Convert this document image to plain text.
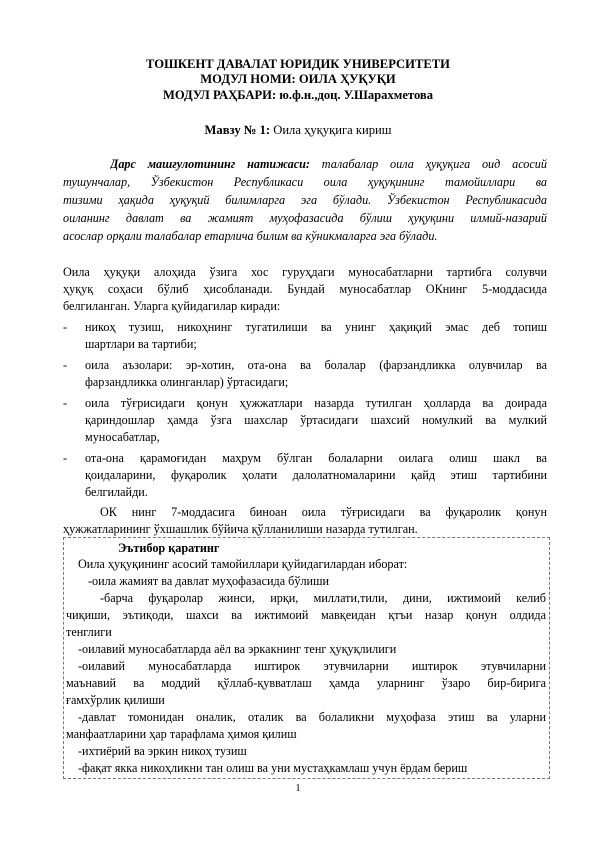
ТОШКЕНТ ДАВАЛАТ ЮРИДИК УНИВЕРСИТЕТИ
МОДУЛ НОМИ: ОИЛА ҲУҚУҚИ
МОДУЛ РАҲБАРИ: ю.ф.н.,доц. У.Шарахметова
Мавзу № 1: Оила ҳуқуқига кириш
Дарс машғулотининг натижаси: талабалар оила ҳуқуқига оид асосий
тушунчалар, Ўзбекистон Республикаси оила ҳуқуқининг тамойиллари ва
тизими ҳақида ҳуқуқий билимларга эга бўлади. Ўзбекистон Республикасида
оиланинг давлат ва жамият муҳофазасида бўлиш ҳуқуқини илмий-назарий
асослар орқали талабалар етарлича билим ва кўникмаларга эга бўлади.
Оила ҳуқуқи алоҳида ўзига хос гуруҳдаги муносабатларни тартибга солувчи
ҳуқуқ соҳаси бўлиб ҳисобланади. Бундай муносабатлар ОКнинг 5-моддасида
белгиланган. Уларга қуйидагилар киради:
- никоҳ тузиш, никоҳнинг тугатилиши ва унинг ҳақиқий эмас деб топиш
шартлари ва тартиби;
- оила аъзолари: эр-хотин, ота-она ва болалар (фарзандликка олувчилар ва
фарзандликка олинганлар) ўртасидаги;
- оила тўғрисидаги қонун ҳужжатлари назарда тутилган ҳолларда ва доирада
қариндошлар ҳамда ўзга шахслар ўртасидаги шахсий номулкий ва мулкий
муносабатлар,
- ота-она қарамоғидан маҳрум бўлган болаларни оилага олиш шакл ва
қоидаларини, фуқаролик ҳолати далолатномаларини қайд этиш тартибини
белгилайди.
ОК нинг 7-моддасига биноан оила тўғрисидаги ва фуқаролик қонун
ҳужжатларининг ўхшашлик бўйича қўлланилиши назарда тутилган.
Эътибор қаратинг
Оила ҳуқуқининг асосий тамойиллари қуйидагилардан иборат:
-оила жамият ва давлат муҳофазасида бўлиши
-барча фуқаролар жинси, ирқи, миллати,тили, дини, ижтимоий келиб
чиқиши, эътиқоди, шахси ва ижтимоий мавқеидан қтъи назар қонун олдида
тенглиги
-оилавий муносабатларда аёл ва эркакнинг тенг ҳуқуқлилиги
-оилавий муносабатларда иштирок этувчиларни иштирок этувчиларни
маънавий ва моддий қўллаб-қувватлаш ҳамда уларнинг ўзаро бир-бирига
ғамхўрлик қилиши
-давлат томонидан оналик, оталик ва болаликни муҳофаза этиш ва уларни
манфаатларини ҳар тарафлама ҳимоя қилиш
-ихтиёрий ва эркин никоҳ тузиш
-фақат якка никоҳликни тан олиш ва уни мустаҳкамлаш учун ёрдам бериш
1
